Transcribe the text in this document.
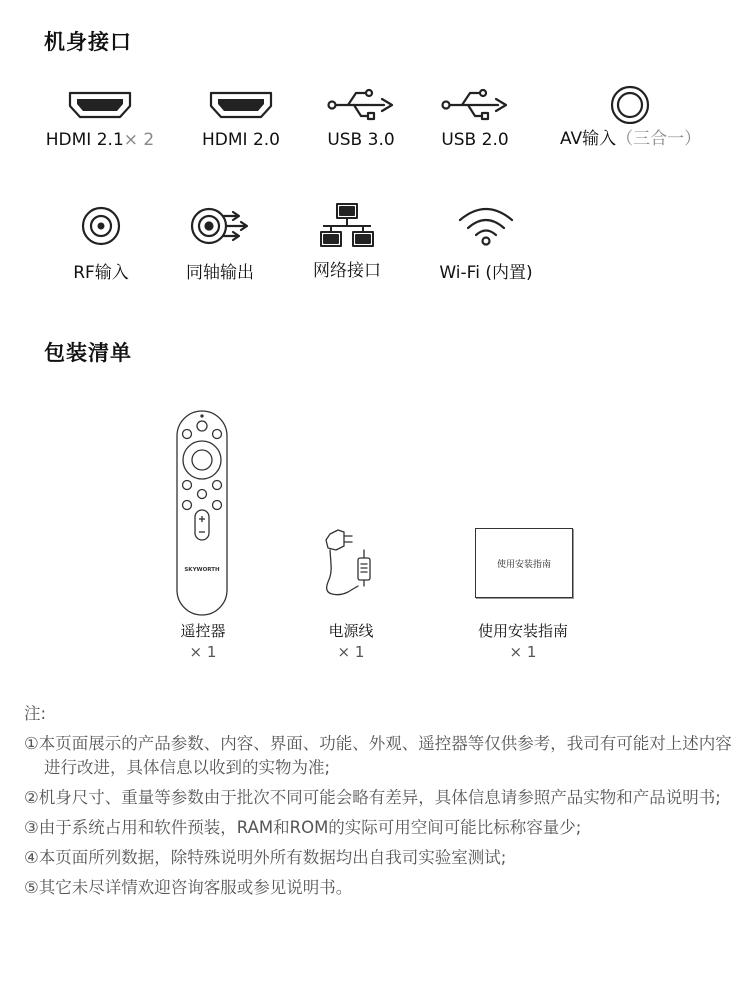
机身接口
HDMI 2.1× 2	HDMI 2.0	USB 3.0	USB 2.0	AV输入（三合一）
RF输入	同轴输出	网络接口	Wi-Fi (内置)
包装清单
SKYWORTH	使用安装指南
遥控器
× 1
电源线
× 1
使用安装指南
× 1

注:

①本页面展示的产品参数、内容、界面、功能、外观、遥控器等仅供参考，我司有可能对上述内容进行改进，具体信息以收到的实物为准;

②机身尺寸、重量等参数由于批次不同可能会略有差异，具体信息请参照产品实物和产品说明书;

③由于系统占用和软件预装，RAM和ROM的实际可用空间可能比标称容量少;

④本页面所列数据，除特殊说明外所有数据均出自我司实验室测试;

⑤其它未尽详情欢迎咨询客服或参见说明书。
